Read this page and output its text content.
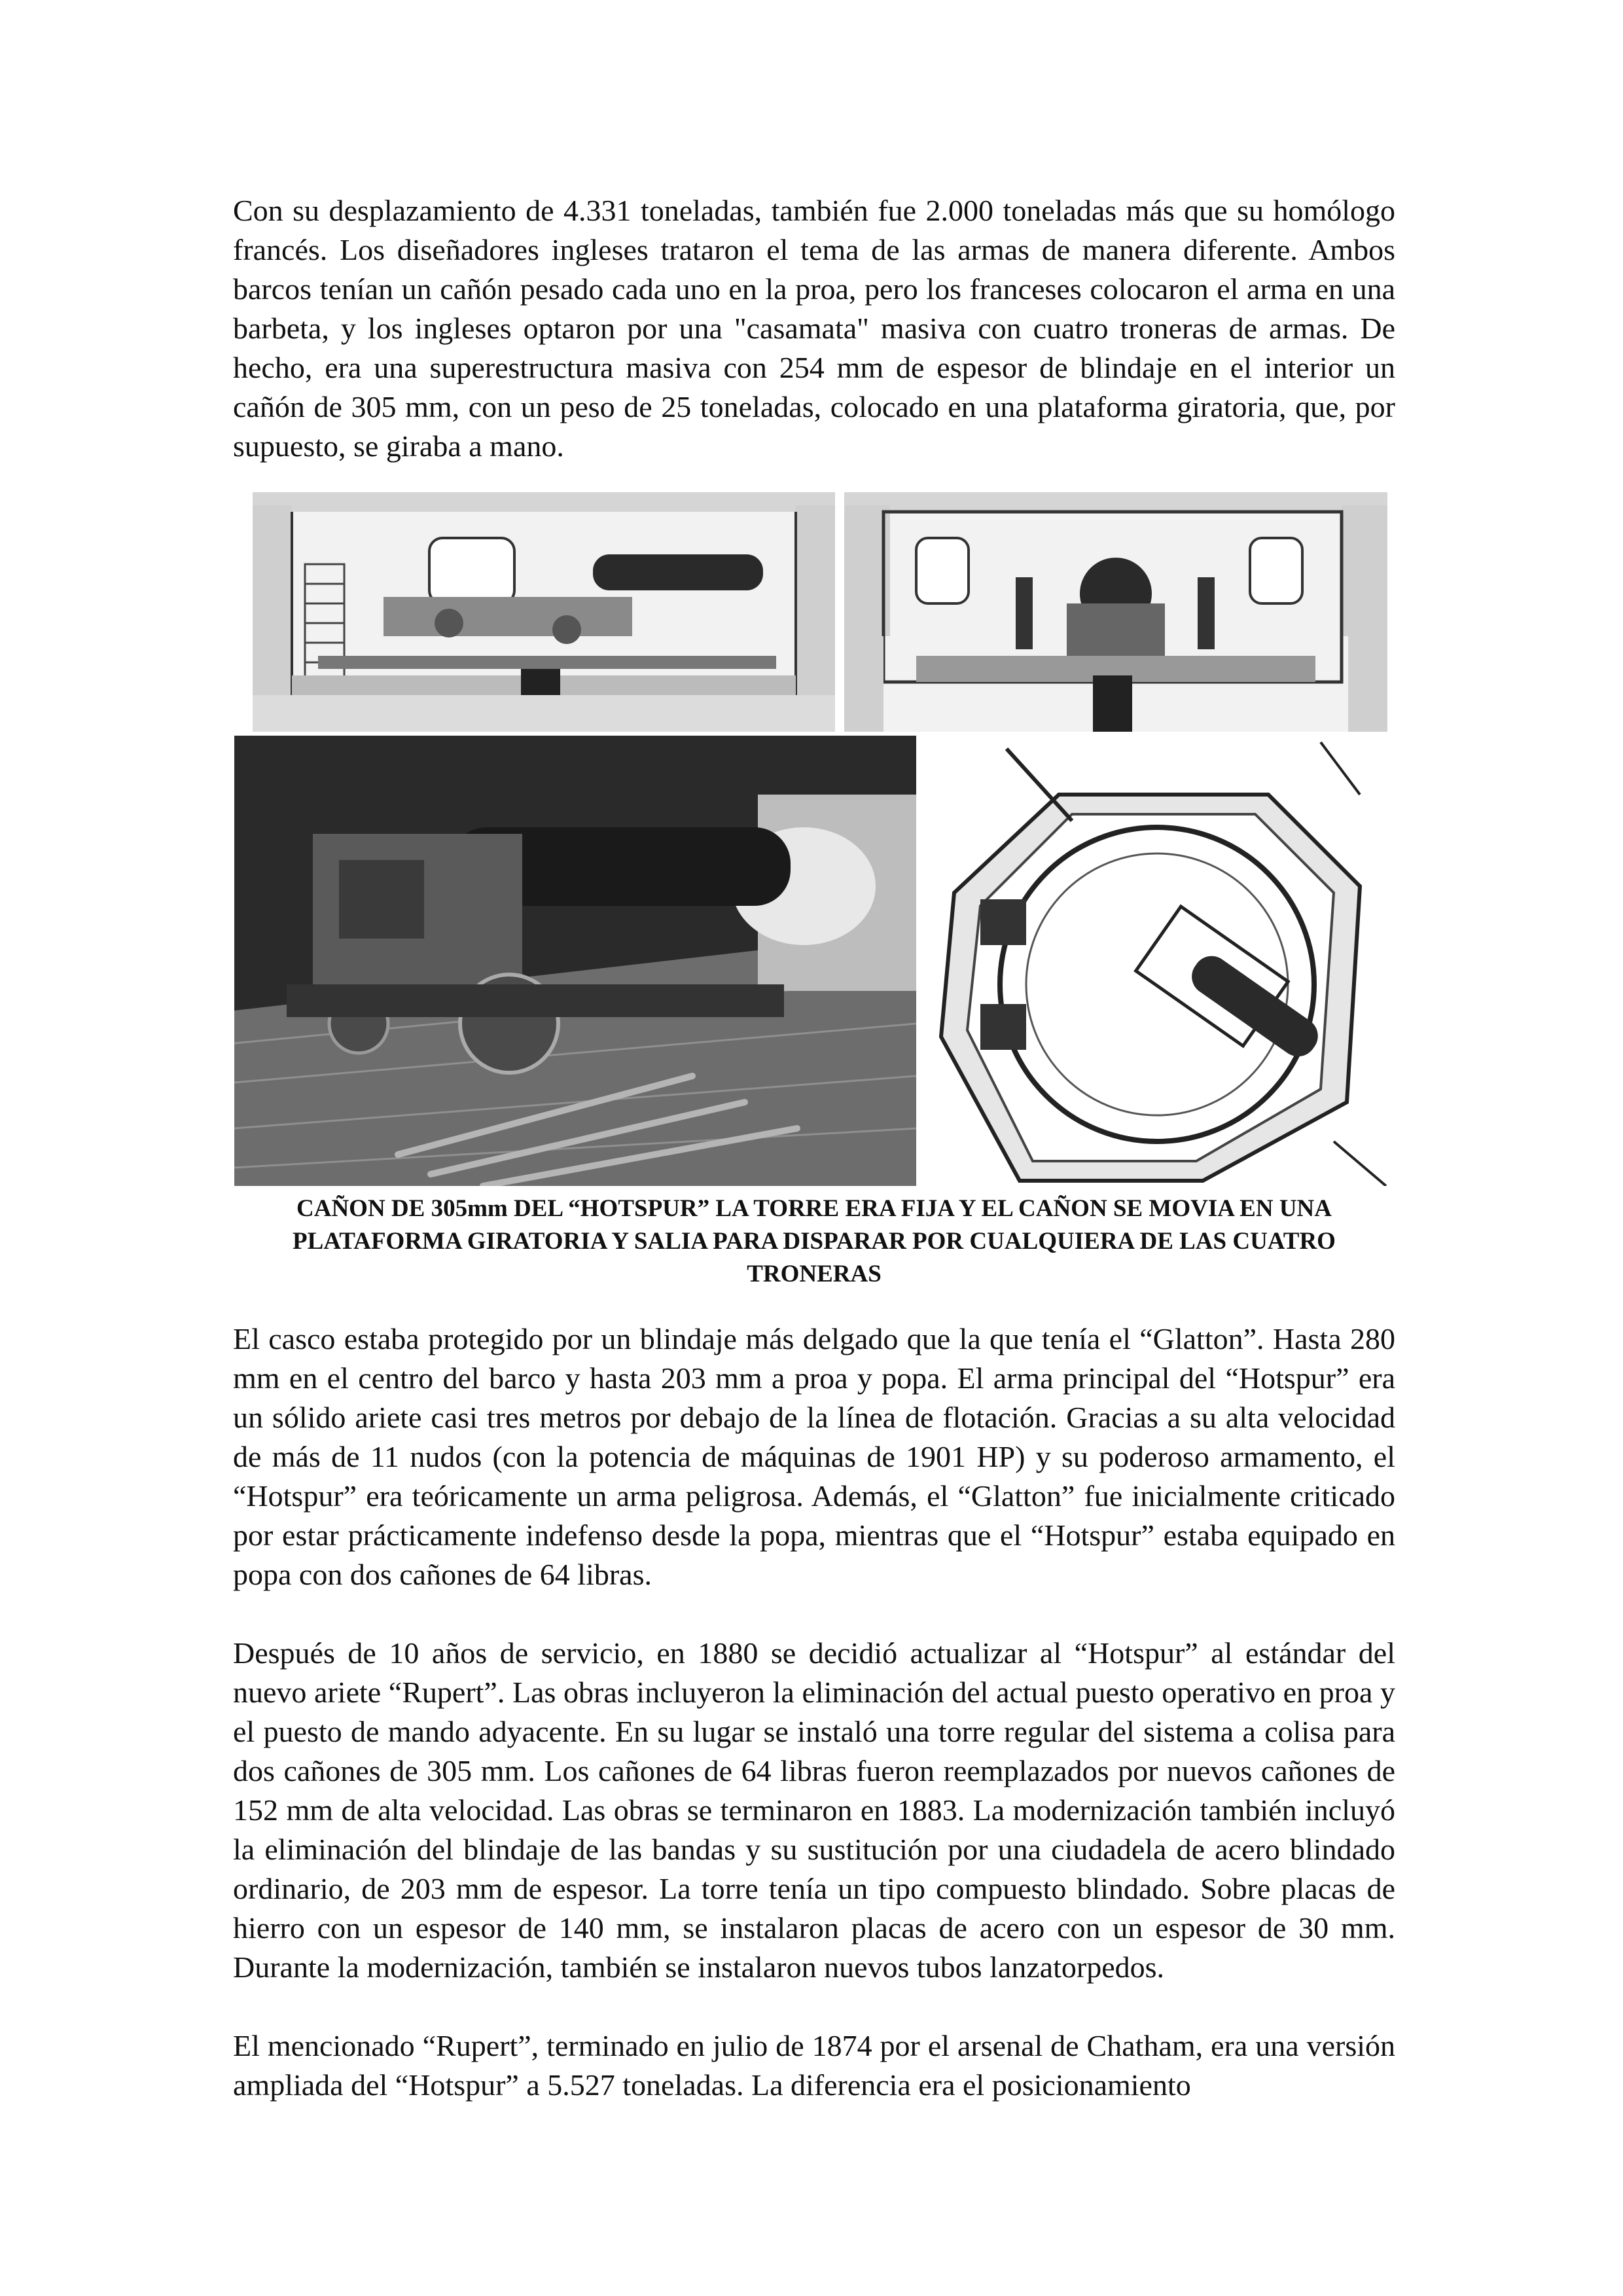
Con su desplazamiento de 4.331 toneladas, también fue 2.000 toneladas más que su homólogo francés. Los diseñadores ingleses trataron el tema de las armas de manera diferente. Ambos barcos tenían un cañón pesado cada uno en la proa, pero los franceses colocaron el arma en una barbeta, y los ingleses optaron por una "casamata" masiva con cuatro troneras de armas. De hecho, era una superestructura masiva con 254 mm de espesor de blindaje en el interior un cañón de 305 mm, con un peso de 25 toneladas, colocado en una plataforma giratoria, que, por supuesto, se giraba a mano.

CAÑON DE 305mm DEL “HOTSPUR” LA TORRE ERA FIJA Y EL CAÑON SE MOVIA EN UNA PLATAFORMA GIRATORIA Y SALIA PARA DISPARAR POR CUALQUIERA DE LAS CUATRO TRONERAS

El casco estaba protegido por un blindaje más delgado que la que tenía el “Glatton”. Hasta 280 mm en el centro del barco y hasta 203 mm a proa y popa. El arma principal del “Hotspur” era un sólido ariete casi tres metros por debajo de la línea de flotación. Gracias a su alta velocidad de más de 11 nudos (con la potencia de máquinas de 1901 HP) y su poderoso armamento, el “Hotspur” era teóricamente un arma peligrosa. Además, el “Glatton” fue inicialmente criticado por estar prácticamente indefenso desde la popa, mientras que el “Hotspur” estaba equipado en popa con dos cañones de 64 libras.

Después de 10 años de servicio, en 1880 se decidió actualizar al “Hotspur” al estándar del nuevo ariete “Rupert”. Las obras incluyeron la eliminación del actual puesto operativo en proa y el puesto de mando adyacente. En su lugar se instaló una torre regular del sistema a colisa para dos cañones de 305 mm. Los cañones de 64 libras fueron reemplazados por nuevos cañones de 152 mm de alta velocidad. Las obras se terminaron en 1883. La modernización también incluyó la eliminación del blindaje de las bandas y su sustitución por una ciudadela de acero blindado ordinario, de 203 mm de espesor. La torre tenía un tipo compuesto blindado. Sobre placas de hierro con un espesor de 140 mm, se instalaron placas de acero con un espesor de 30 mm. Durante la modernización, también se instalaron nuevos tubos lanzatorpedos.

El mencionado “Rupert”, terminado en julio de 1874 por el arsenal de Chatham, era una versión ampliada del “Hotspur” a 5.527 toneladas. La diferencia era el posicionamiento
